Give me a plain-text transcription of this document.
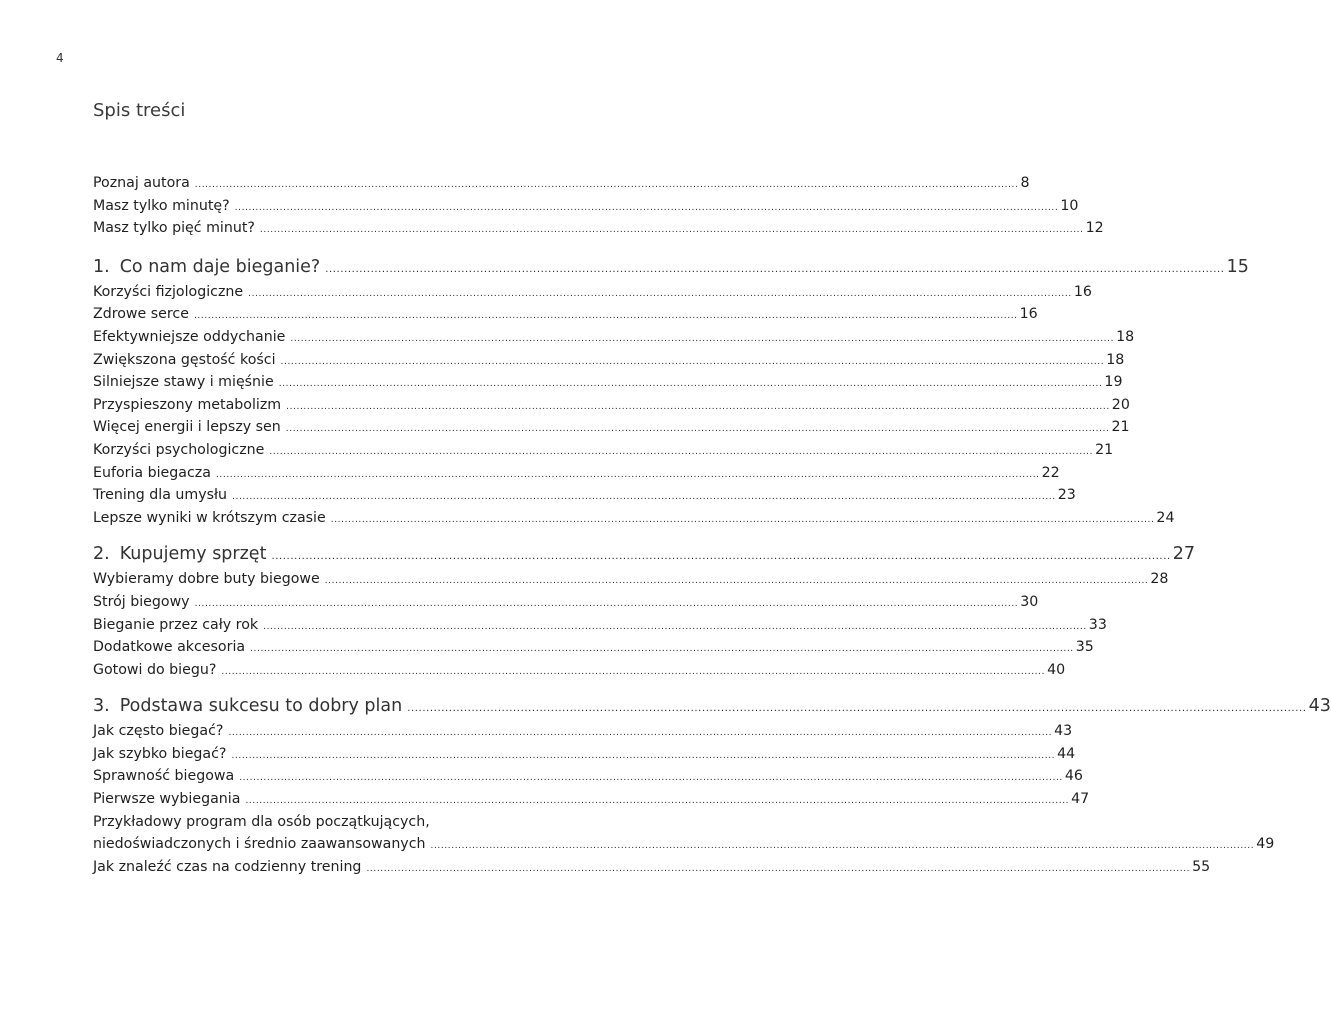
4
Spis treści
Poznaj autora .............................................................................................................................................................................................................................................. 8
Masz tylko minutę? .............................................................................................................................................................................................................................................. 10
Masz tylko pięć minut? .............................................................................................................................................................................................................................................. 12
1. Co nam daje bieganie? .............................................................................................................................................................................................................................................. 15
Korzyści fizjologiczne .............................................................................................................................................................................................................................................. 16
Zdrowe serce .............................................................................................................................................................................................................................................. 16
Efektywniejsze oddychanie .............................................................................................................................................................................................................................................. 18
Zwiększona gęstość kości .............................................................................................................................................................................................................................................. 18
Silniejsze stawy i mięśnie .............................................................................................................................................................................................................................................. 19
Przyspieszony metabolizm .............................................................................................................................................................................................................................................. 20
Więcej energii i lepszy sen .............................................................................................................................................................................................................................................. 21
Korzyści psychologiczne .............................................................................................................................................................................................................................................. 21
Euforia biegacza .............................................................................................................................................................................................................................................. 22
Trening dla umysłu .............................................................................................................................................................................................................................................. 23
Lepsze wyniki w krótszym czasie .............................................................................................................................................................................................................................................. 24
2. Kupujemy sprzęt .............................................................................................................................................................................................................................................. 27
Wybieramy dobre buty biegowe .............................................................................................................................................................................................................................................. 28
Strój biegowy .............................................................................................................................................................................................................................................. 30
Bieganie przez cały rok .............................................................................................................................................................................................................................................. 33
Dodatkowe akcesoria .............................................................................................................................................................................................................................................. 35
Gotowi do biegu? .............................................................................................................................................................................................................................................. 40
3. Podstawa sukcesu to dobry plan .............................................................................................................................................................................................................................................. 43
Jak często biegać? .............................................................................................................................................................................................................................................. 43
Jak szybko biegać? .............................................................................................................................................................................................................................................. 44
Sprawność biegowa .............................................................................................................................................................................................................................................. 46
Pierwsze wybiegania .............................................................................................................................................................................................................................................. 47
Przykładowy program dla osób początkujących,
niedoświadczonych i średnio zaawansowanych .............................................................................................................................................................................................................................................. 49
Jak znaleźć czas na codzienny trening .............................................................................................................................................................................................................................................. 55
